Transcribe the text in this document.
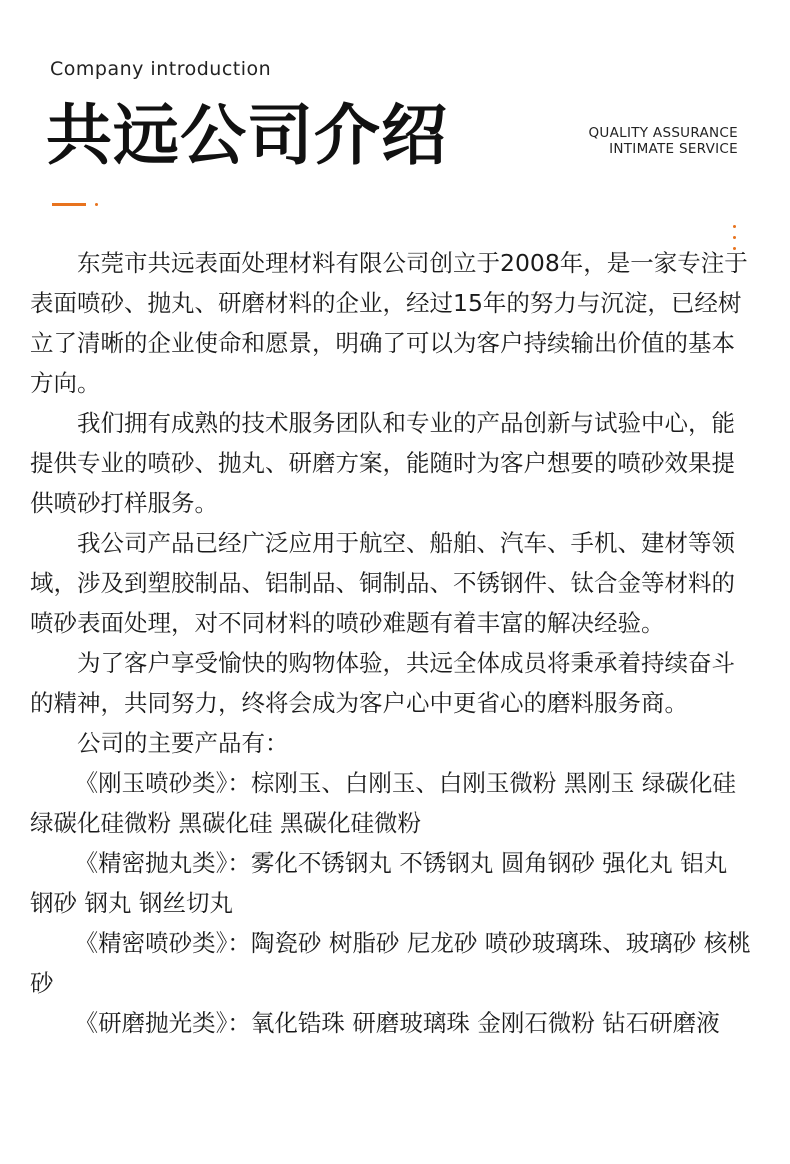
Company introduction
共远公司介绍	QUALITY ASSURANCE
INTIMATE SERVICE

东莞市共远表面处理材料有限公司创立于2008年，是一家专注于表面喷砂、抛丸、研磨材料的企业，经过15年的努力与沉淀，已经树立了清晰的企业使命和愿景，明确了可以为客户持续输出价值的基本方向。

我们拥有成熟的技术服务团队和专业的产品创新与试验中心，能提供专业的喷砂、抛丸、研磨方案，能随时为客户想要的喷砂效果提供喷砂打样服务。

我公司产品已经广泛应用于航空、船舶、汽车、手机、建材等领域，涉及到塑胶制品、铝制品、铜制品、不锈钢件、钛合金等材料的喷砂表面处理，对不同材料的喷砂难题有着丰富的解决经验。

为了客户享受愉快的购物体验，共远全体成员将秉承着持续奋斗的精神，共同努力，终将会成为客户心中更省心的磨料服务商。

公司的主要产品有：

《刚玉喷砂类》：棕刚玉、白刚玉、白刚玉微粉 黑刚玉 绿碳化硅 绿碳化硅微粉 黑碳化硅 黑碳化硅微粉

《精密抛丸类》：雾化不锈钢丸 不锈钢丸 圆角钢砂 强化丸 铝丸 钢砂 钢丸 钢丝切丸

《精密喷砂类》：陶瓷砂 树脂砂 尼龙砂 喷砂玻璃珠、玻璃砂 核桃砂

《研磨抛光类》：氧化锆珠 研磨玻璃珠 金刚石微粉 钻石研磨液
